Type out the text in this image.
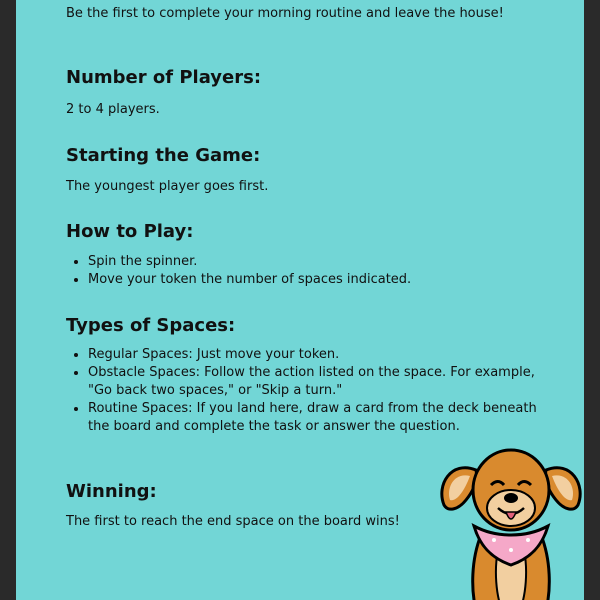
Be the first to complete your morning routine and leave the house!

Number of Players:

2 to 4 players.

Starting the Game:

The youngest player goes first.

How to Play:
• Spin the spinner.
• Move your token the number of spaces indicated.
Types of Spaces:
• Regular Spaces: Just move your token.
• Obstacle Spaces: Follow the action listed on the space. For example, "Go back two spaces," or "Skip a turn."
• Routine Spaces: If you land here, draw a card from the deck beneath the board and complete the task or answer the question.
Winning:

The first to reach the end space on the board wins!
